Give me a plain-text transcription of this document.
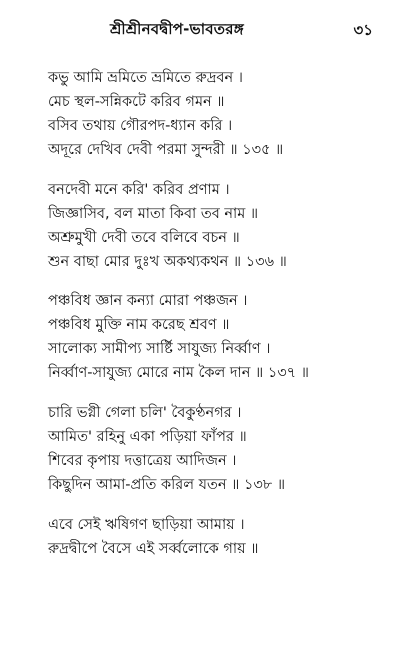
শ্রীশ্রীনবদ্বীপ-ভাবতরঙ্গ	৩১
কভু আমি ভ্রমিতে ভ্রমিতে রুদ্রবন ।
মেচ স্থল-সন্নিকটে করিব গমন ॥
বসিব তথায় গৌরপদ-ধ্যান করি ।
অদূরে দেখিব দেবী পরমা সুন্দরী ॥ ১৩৫ ॥
বনদেবী মনে করি' করিব প্রণাম ।
জিজ্ঞাসিব, বল মাতা কিবা তব নাম ॥
অশ্রুমুখী দেবী তবে বলিবে বচন ॥
শুন বাছা মোর দুঃখ অকথ্যকথন ॥ ১৩৬ ॥
পঞ্চবিধ জ্ঞান কন্যা মোরা পঞ্চজন ।
পঞ্চবিধ মুক্তি নাম করেছ শ্রবণ ॥
সালোক্য সামীপ্য সার্ষ্টি সাযুজ্য নির্ব্বাণ ।
নির্ব্বাণ-সাযুজ্য মোরে নাম কৈল দান ॥ ১৩৭ ॥
চারি ভগ্নী গেলা চলি' বৈকুণ্ঠনগর ।
আমিত' রহিনু একা পড়িয়া ফাঁপর ॥
শিবের কৃপায় দত্তাত্রেয় আদিজন ।
কিছুদিন আমা-প্রতি করিল যতন ॥ ১৩৮ ॥
এবে সেই ঋষিগণ ছাড়িয়া আমায় ।
রুদ্রদ্বীপে বৈসে এই সর্ব্বলোকে গায় ॥
